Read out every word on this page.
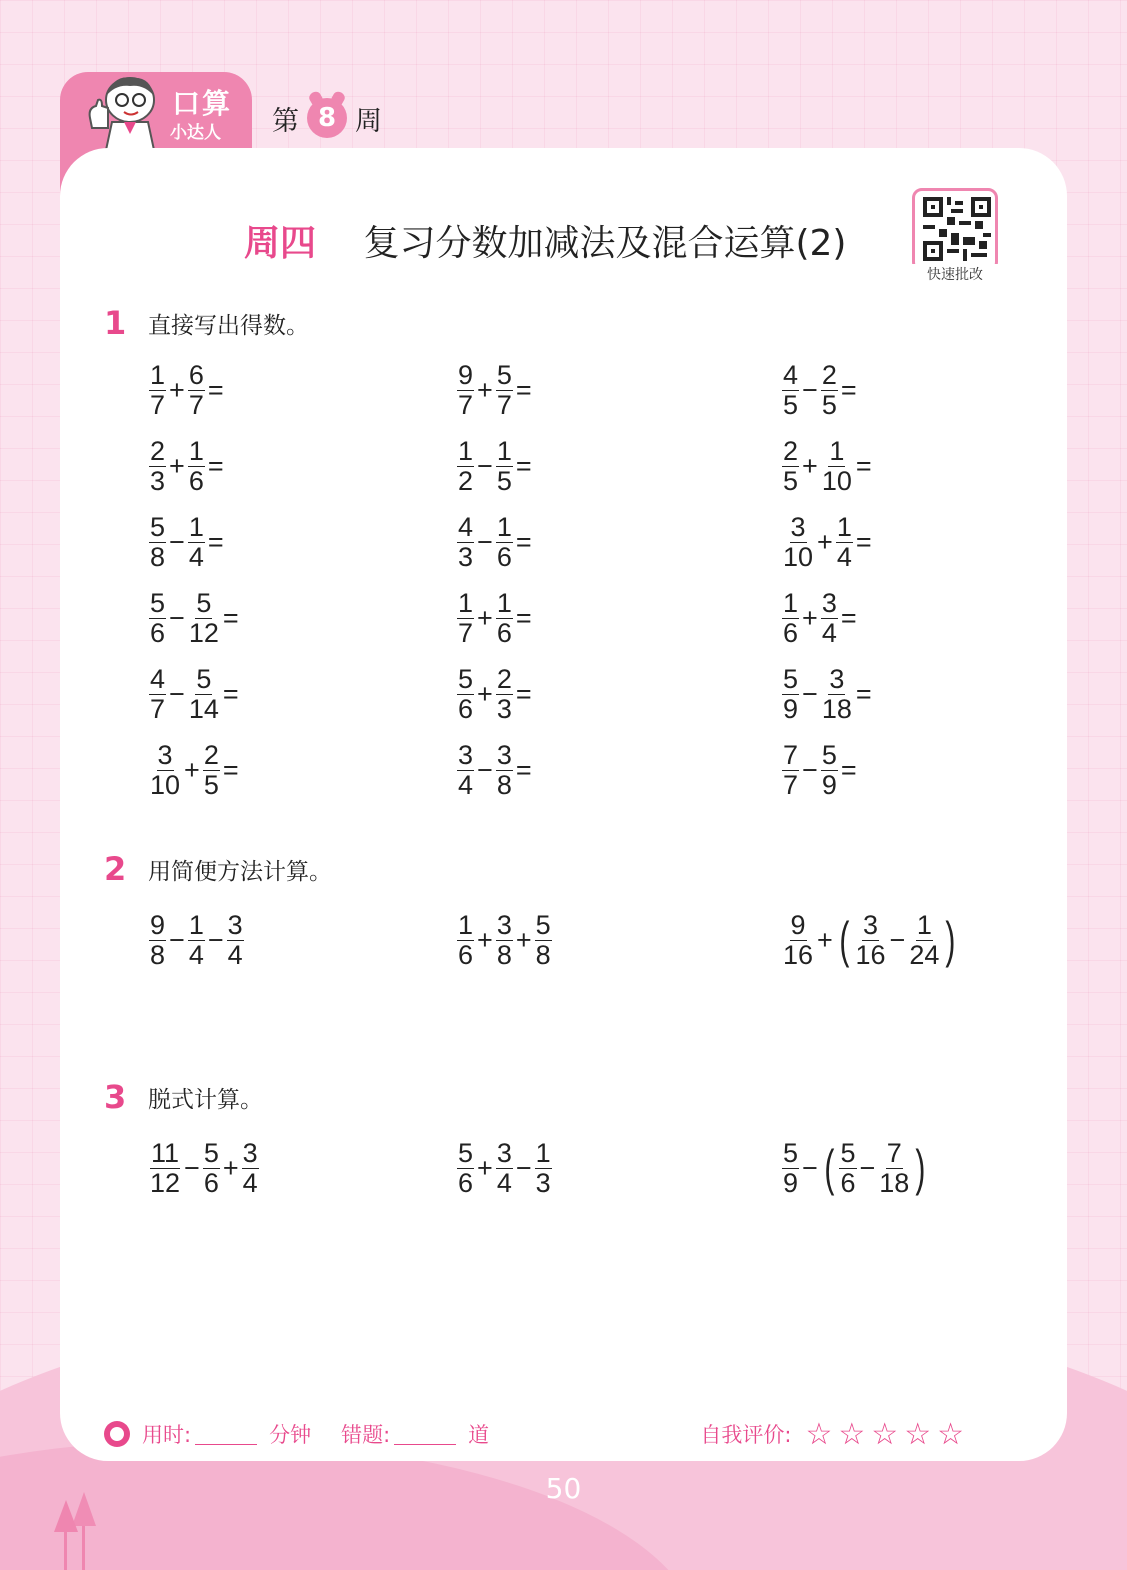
口算
小达人 第 8 周
周四 复习分数加减法及混合运算(2)
快速批改
1 直接写出得数。
$\frac{1}{7} + \frac{6}{7}$ =	$\frac{9}{7} + \frac{5}{7}$ =	$\frac{4}{5} - \frac{2}{5}$ =
$\frac{2}{3} + \frac{1}{6}$ =	$\frac{1}{2} - \frac{1}{5}$ =	$\frac{2}{5} + \frac{1}{10}$ =
$\frac{5}{8} - \frac{1}{4}$ =	$\frac{4}{3} - \frac{1}{6}$ =	$\frac{3}{10} + \frac{1}{4}$ =
$\frac{5}{6} - \frac{5}{12}$ =	$\frac{1}{7} + \frac{1}{6}$ =	$\frac{1}{6} + \frac{3}{4}$ =
$\frac{4}{7} - \frac{5}{14}$ =	$\frac{5}{6} + \frac{2}{3}$ =	$\frac{5}{9} - \frac{3}{18}$ =
$\frac{3}{10} + \frac{2}{5}$ =	$\frac{3}{4} - \frac{3}{8}$ =	$\frac{7}{7} - \frac{5}{9}$ =
2 用简便方法计算。
$\frac{9}{8} - \frac{1}{4} - \frac{3}{4}$	$\frac{1}{6} + \frac{3}{8} + \frac{5}{8}$	$\frac{9}{16}$ + ( $\frac{3}{16} - \frac{1}{24}$ )
3 脱式计算。
$\frac{11}{12} - \frac{5}{6} + \frac{3}{4}$	$\frac{5}{6} + \frac{3}{4} - \frac{1}{3}$	$\frac{5}{9}$ − ( $\frac{5}{6} - \frac{7}{18}$ )
用时:	分钟 错题:	道	自我评价: ☆ ☆ ☆ ☆ ☆
50
